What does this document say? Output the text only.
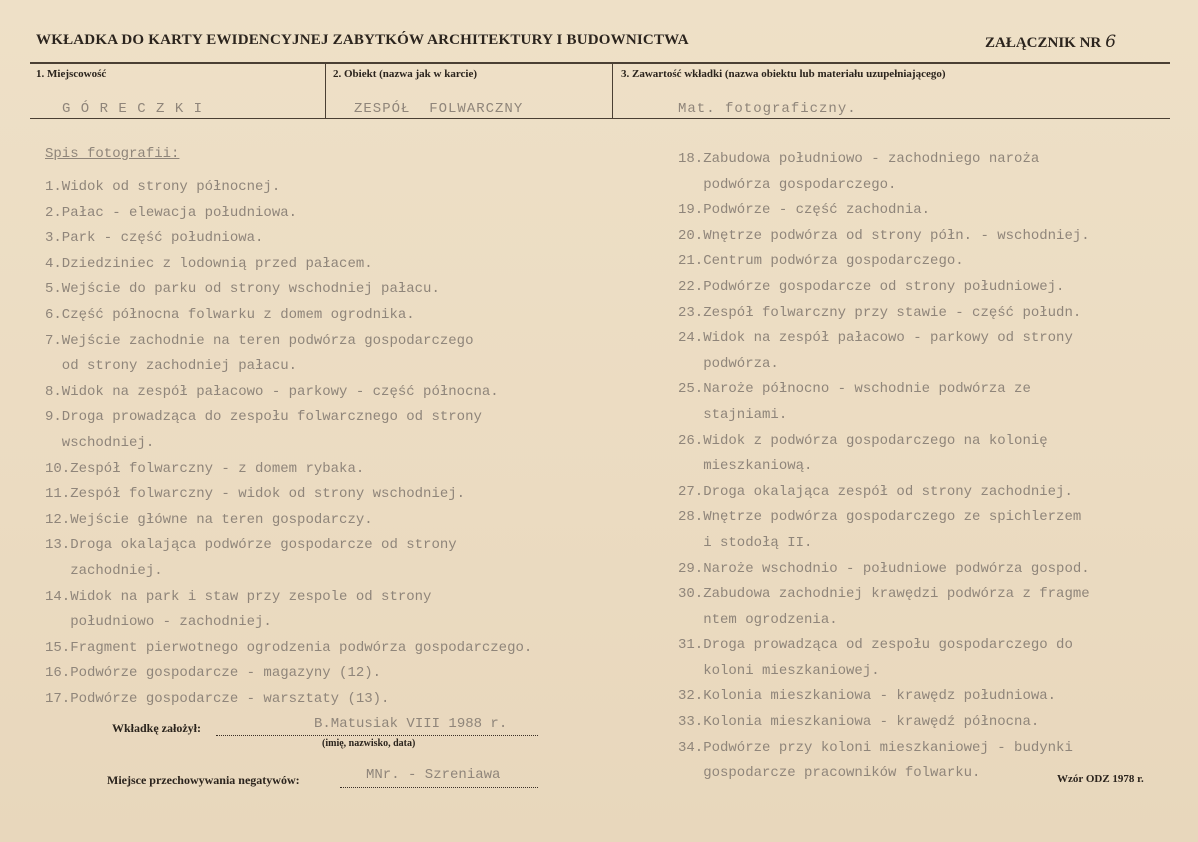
WKŁADKA DO KARTY EWIDENCYJNEJ ZABYTKÓW ARCHITEKTURY I BUDOWNICTWA	ZAŁĄCZNIK NR 6
1. Miejscowość	2. Obiekt (nazwa jak w karcie)	3. Zawartość wkładki (nazwa obiektu lub materiału uzupełniającego)
G Ó R E C Z K I	ZESPÓŁ  FOLWARCZNY	Mat. fotograficzny.
Spis fotografii:
1.Widok od strony północnej.
2.Pałac - elewacja południowa.
3.Park - część południowa.
4.Dziedziniec z lodownią przed pałacem.
5.Wejście do parku od strony wschodniej pałacu.
6.Część północna folwarku z domem ogrodnika.
7.Wejście zachodnie na teren podwórza gospodarczego
od strony zachodniej pałacu.
8.Widok na zespół pałacowo - parkowy - część północna.
9.Droga prowadząca do zespołu folwarcznego od strony
wschodniej.
10.Zespół folwarczny - z domem rybaka.
11.Zespół folwarczny - widok od strony wschodniej.
12.Wejście główne na teren gospodarczy.
13.Droga okalająca podwórze gospodarcze od strony
zachodniej.
14.Widok na park i staw przy zespole od strony
południowo - zachodniej.
15.Fragment pierwotnego ogrodzenia podwórza gospodarczego.
16.Podwórze gospodarcze - magazyny (12).
17.Podwórze gospodarcze - warsztaty (13).
18.Zabudowa południowo - zachodniego naroża
podwórza gospodarczego.
19.Podwórze - część zachodnia.
20.Wnętrze podwórza od strony półn. - wschodniej.
21.Centrum podwórza gospodarczego.
22.Podwórze gospodarcze od strony południowej.
23.Zespół folwarczny przy stawie - część połudn.
24.Widok na zespół pałacowo - parkowy od strony
podwórza.
25.Naroże północno - wschodnie podwórza ze
stajniami.
26.Widok z podwórza gospodarczego na kolonię
mieszkaniową.
27.Droga okalająca zespół od strony zachodniej.
28.Wnętrze podwórza gospodarczego ze spichlerzem
i stodołą II.
29.Naroże wschodnio - południowe podwórza gospod.
30.Zabudowa zachodniej krawędzi podwórza z fragme
ntem ogrodzenia.
31.Droga prowadząca od zespołu gospodarczego do
koloni mieszkaniowej.
32.Kolonia mieszkaniowa - krawędz południowa.
33.Kolonia mieszkaniowa - krawędź północna.
34.Podwórze przy koloni mieszkaniowej - budynki
gospodarcze pracowników folwarku.
Wkładkę założył:	B.Matusiak VIII 1988 r.
(imię, nazwisko, data)
Miejsce przechowywania negatywów:	MNr. - Szreniawa	Wzór ODZ 1978 r.
